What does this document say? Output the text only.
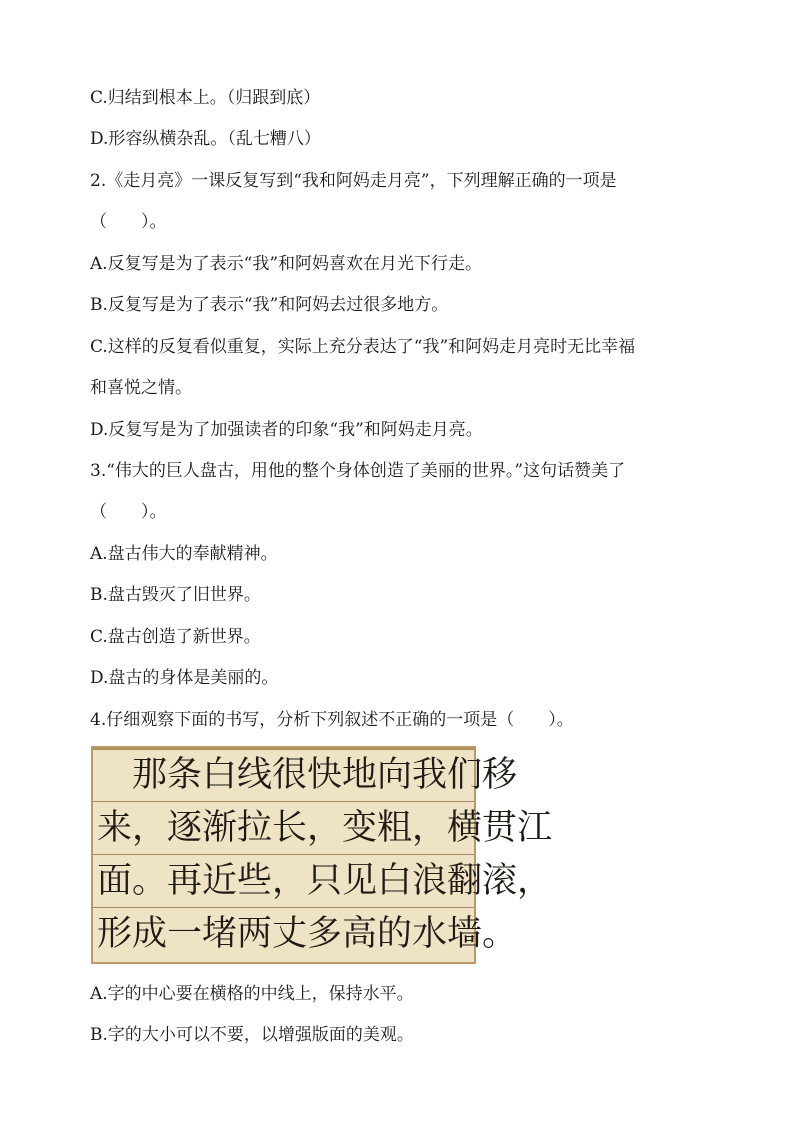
C.归结到根本上。（归跟到底）
D.形容纵横杂乱。（乱七糟八）
2.《走月亮》一课反复写到“我和阿妈走月亮”，下列理解正确的一项是
（　　）。
A.反复写是为了表示“我”和阿妈喜欢在月光下行走。
B.反复写是为了表示“我”和阿妈去过很多地方。
C.这样的反复看似重复，实际上充分表达了“我”和阿妈走月亮时无比幸福
和喜悦之情。
D.反复写是为了加强读者的印象“我”和阿妈走月亮。
3.“伟大的巨人盘古，用他的整个身体创造了美丽的世界。”这句话赞美了
（　　）。
A.盘古伟大的奉献精神。
B.盘古毁灭了旧世界。
C.盘古创造了新世界。
D.盘古的身体是美丽的。
4.仔细观察下面的书写，分析下列叙述不正确的一项是（　　）。
　那条白线很快地向我们移
来，逐渐拉长，变粗，横贯江
面。再近些，只见白浪翻滚，
形成一堵两丈多高的水墙。
A.字的中心要在横格的中线上，保持水平。
B.字的大小可以不要，以增强版面的美观。
